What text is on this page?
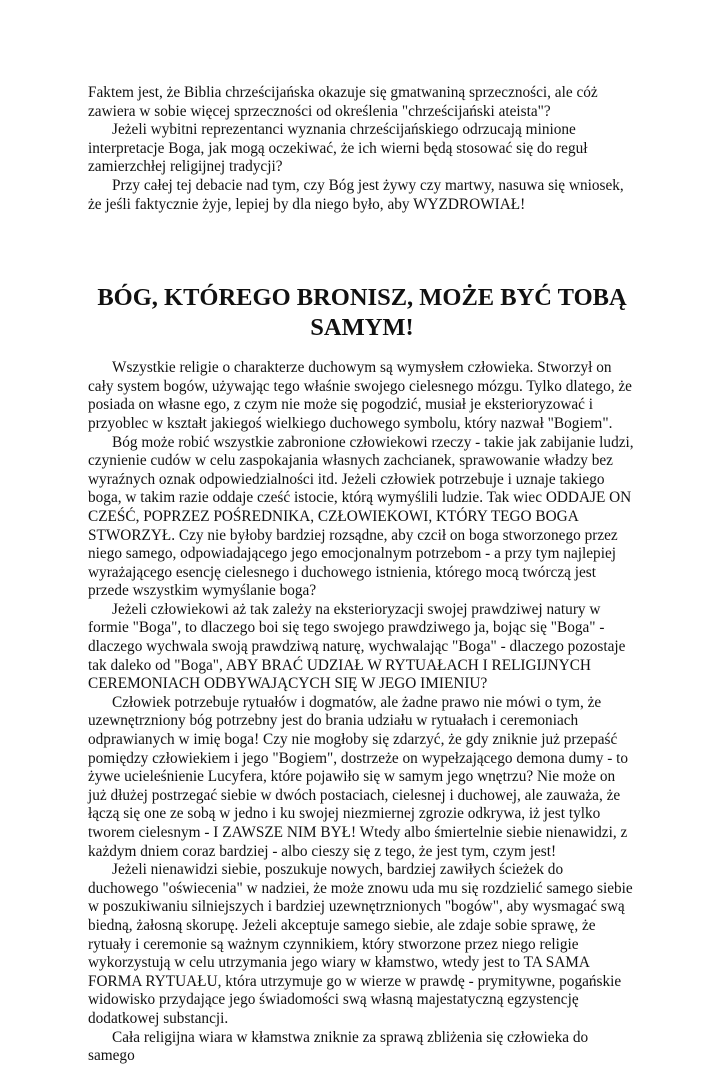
Faktem jest, że Biblia chrześcijańska okazuje się gmatwaniną sprzeczności, ale cóż zawiera w sobie więcej sprzeczności od określenia "chrześcijański ateista"?

Jeżeli wybitni reprezentanci wyznania chrześcijańskiego odrzucają minione interpretacje Boga, jak mogą oczekiwać, że ich wierni będą stosować się do reguł zamierzchłej religijnej tradycji?

Przy całej tej debacie nad tym, czy Bóg jest żywy czy martwy, nasuwa się wniosek, że jeśli faktycznie żyje, lepiej by dla niego było, aby WYZDROWIAŁ!

BÓG, KTÓREGO BRONISZ, MOŻE BYĆ TOBĄ SAMYM!

Wszystkie religie o charakterze duchowym są wymysłem człowieka. Stworzył on cały system bogów, używając tego właśnie swojego cielesnego mózgu. Tylko dlatego, że posiada on własne ego, z czym nie może się pogodzić, musiał je eksterioryzować i przyoblec w kształt jakiegoś wielkiego duchowego symbolu, który nazwał "Bogiem".

Bóg może robić wszystkie zabronione człowiekowi rzeczy - takie jak zabijanie ludzi, czynienie cudów w celu zaspokajania własnych zachcianek, sprawowanie władzy bez wyraźnych oznak odpowiedzialności itd. Jeżeli człowiek potrzebuje i uznaje takiego boga, w takim razie oddaje cześć istocie, którą wymyślili ludzie. Tak wiec ODDAJE ON CZEŚĆ, POPRZEZ POŚREDNIKA, CZŁOWIEKOWI, KTÓRY TEGO BOGA STWORZYŁ. Czy nie byłoby bardziej rozsądne, aby czcił on boga stworzonego przez niego samego, odpowiadającego jego emocjonalnym potrzebom - a przy tym najlepiej wyrażającego esencję cielesnego i duchowego istnienia, którego mocą twórczą jest przede wszystkim wymyślanie boga?

Jeżeli człowiekowi aż tak zależy na eksterioryzacji swojej prawdziwej natury w formie "Boga", to dlaczego boi się tego swojego prawdziwego ja, bojąc się "Boga" - dlaczego wychwala swoją prawdziwą naturę, wychwalając "Boga" - dlaczego pozostaje tak daleko od "Boga", ABY BRAĆ UDZIAŁ W RYTUAŁACH I RELIGIJNYCH CEREMONIACH ODBYWAJĄCYCH SIĘ W JEGO IMIENIU?

Człowiek potrzebuje rytuałów i dogmatów, ale żadne prawo nie mówi o tym, że uzewnętrzniony bóg potrzebny jest do brania udziału w rytuałach i ceremoniach odprawianych w imię boga! Czy nie mogłoby się zdarzyć, że gdy zniknie już przepaść pomiędzy człowiekiem i jego "Bogiem", dostrzeże on wypełzającego demona dumy - to żywe ucieleśnienie Lucyfera, które pojawiło się w samym jego wnętrzu? Nie może on już dłużej postrzegać siebie w dwóch postaciach, cielesnej i duchowej, ale zauważa, że łączą się one ze sobą w jedno i ku swojej niezmiernej zgrozie odkrywa, iż jest tylko tworem cielesnym - I ZAWSZE NIM BYŁ! Wtedy albo śmiertelnie siebie nienawidzi, z każdym dniem coraz bardziej - albo cieszy się z tego, że jest tym, czym jest!

Jeżeli nienawidzi siebie, poszukuje nowych, bardziej zawiłych ścieżek do duchowego "oświecenia" w nadziei, że może znowu uda mu się rozdzielić samego siebie w poszukiwaniu silniejszych i bardziej uzewnętrznionych "bogów", aby wysmagać swą biedną, żałosną skorupę. Jeżeli akceptuje samego siebie, ale zdaje sobie sprawę, że rytuały i ceremonie są ważnym czynnikiem, który stworzone przez niego religie wykorzystują w celu utrzymania jego wiary w kłamstwo, wtedy jest to TA SAMA FORMA RYTUAŁU, która utrzymuje go w wierze w prawdę - prymitywne, pogańskie widowisko przydające jego świadomości swą własną majestatyczną egzystencję dodatkowej substancji.

Cała religijna wiara w kłamstwa zniknie za sprawą zbliżenia się człowieka do samego
